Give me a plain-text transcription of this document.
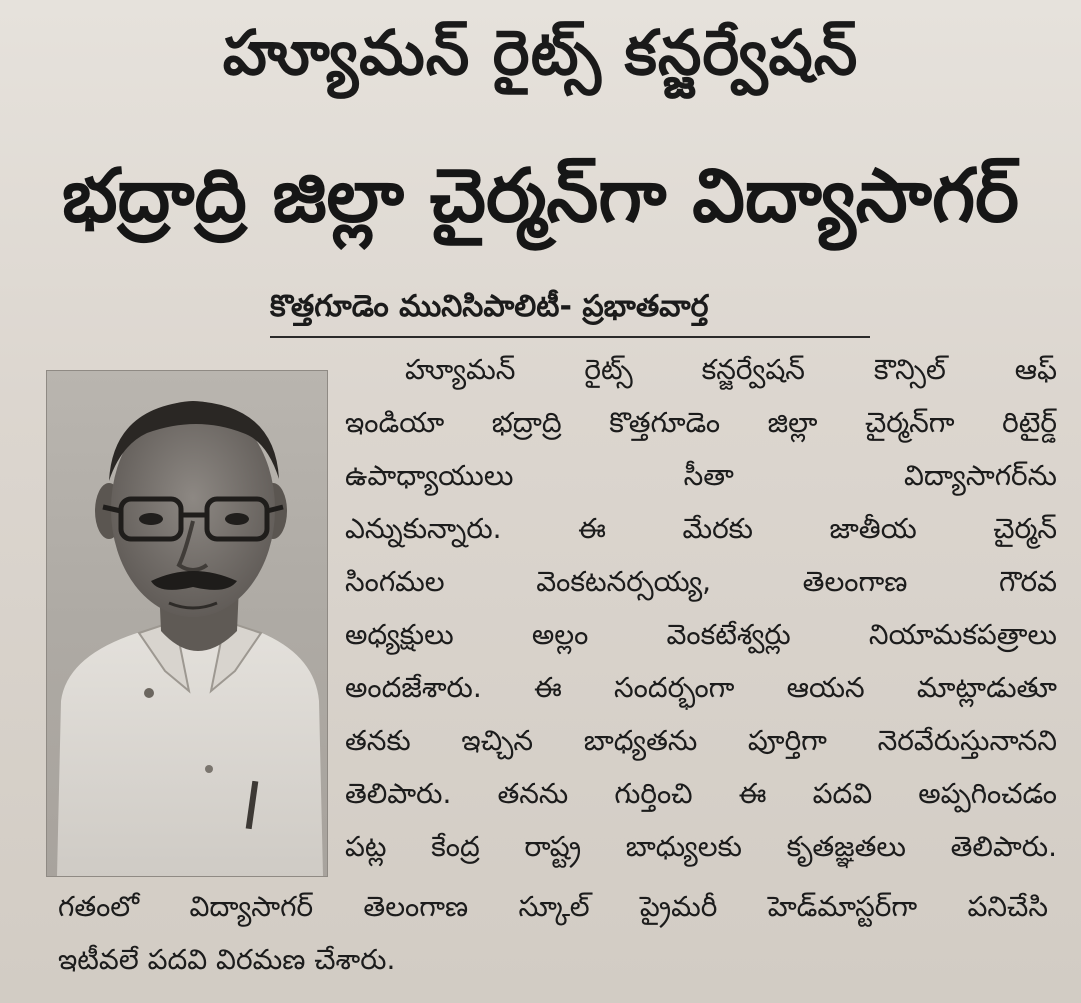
హ్యూమన్ రైట్స్ కన్జర్వేషన్
భద్రాద్రి జిల్లా చైర్మన్‌గా విద్యాసాగర్
కొత్తగూడెం మునిసిపాలిటీ- ప్రభాతవార్త
హ్యూమన్ రైట్స్ కన్జర్వేషన్ కౌన్సిల్ ఆఫ్
ఇండియా భద్రాద్రి కొత్తగూడెం జిల్లా చైర్మన్‌గా రిటైర్డ్
ఉపాధ్యాయులు సీతా విద్యాసాగర్‌ను
ఎన్నుకున్నారు. ఈ మేరకు జాతీయ చైర్మన్
సింగమల వెంకటనర్సయ్య, తెలంగాణ గౌరవ
అధ్యక్షులు అల్లం వెంకటేశ్వర్లు నియామకపత్రాలు
అందజేశారు. ఈ సందర్భంగా ఆయన మాట్లాడుతూ
తనకు ఇచ్చిన బాధ్యతను పూర్తిగా నెరవేరుస్తునానని
తెలిపారు. తనను గుర్తించి ఈ పదవి అప్పగించడం
పట్ల కేంద్ర రాష్ట్ర బాధ్యులకు కృతజ్ఞతలు తెలిపారు.
గతంలో విద్యాసాగర్ తెలంగాణ స్కూల్ ప్రైమరీ హెడ్‌మాస్టర్‌గా పనిచేసి
ఇటీవలే పదవి విరమణ చేశారు.
